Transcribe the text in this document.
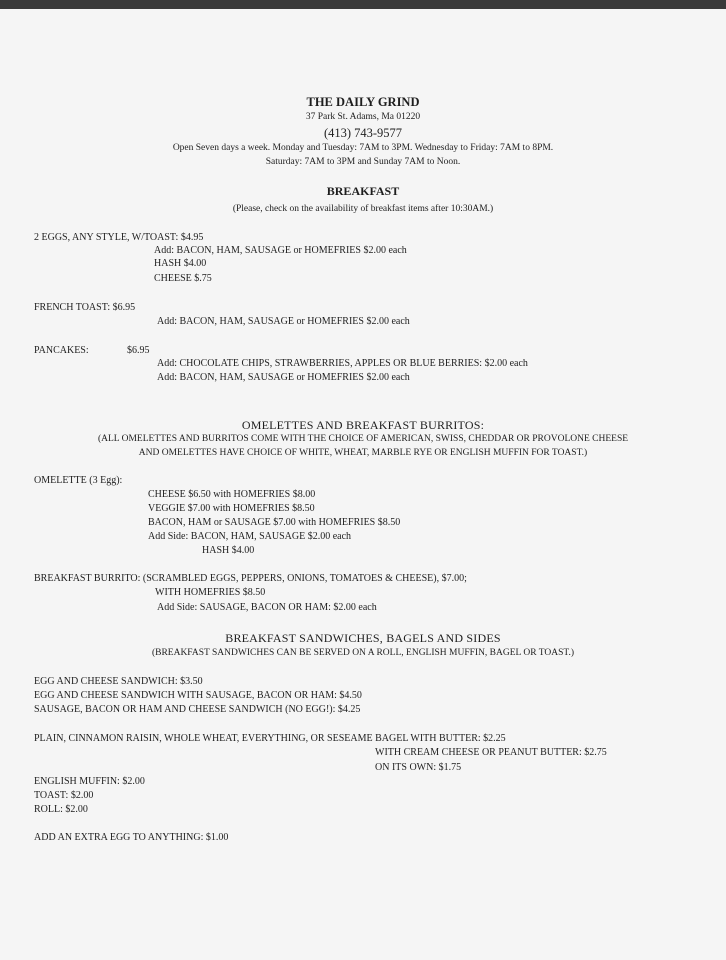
THE DAILY GRIND
37 Park St. Adams, Ma 01220
(413) 743-9577
Open Seven days a week. Monday and Tuesday: 7AM to 3PM. Wednesday to Friday: 7AM to 8PM.
Saturday: 7AM to 3PM and Sunday 7AM to Noon.
BREAKFAST
(Please, check on the availability of breakfast items after 10:30AM.)
2 EGGS, ANY STYLE, W/TOAST: $4.95
Add: BACON, HAM, SAUSAGE or HOMEFRIES $2.00 each
HASH $4.00
CHEESE $.75
FRENCH TOAST: $6.95
Add: BACON, HAM, SAUSAGE or HOMEFRIES $2.00 each
PANCAKES:	$6.95
Add: CHOCOLATE CHIPS, STRAWBERRIES, APPLES OR BLUE BERRIES: $2.00 each
Add: BACON, HAM, SAUSAGE or HOMEFRIES $2.00 each
OMELETTES AND BREAKFAST BURRITOS:
(ALL OMELETTES AND BURRITOS COME WITH THE CHOICE OF AMERICAN, SWISS, CHEDDAR OR PROVOLONE CHEESE
AND OMELETTES HAVE CHOICE OF WHITE, WHEAT, MARBLE RYE OR ENGLISH MUFFIN FOR TOAST.)
OMELETTE (3 Egg):
CHEESE $6.50 with HOMEFRIES $8.00
VEGGIE $7.00 with HOMEFRIES $8.50
BACON, HAM or SAUSAGE $7.00 with HOMEFRIES $8.50
Add Side: BACON, HAM, SAUSAGE $2.00 each
HASH $4.00
BREAKFAST BURRITO: (SCRAMBLED EGGS, PEPPERS, ONIONS, TOMATOES & CHEESE), $7.00;
WITH HOMEFRIES $8.50
Add Side: SAUSAGE, BACON OR HAM: $2.00 each
BREAKFAST SANDWICHES, BAGELS AND SIDES
(BREAKFAST SANDWICHES CAN BE SERVED ON A ROLL, ENGLISH MUFFIN, BAGEL OR TOAST.)
EGG AND CHEESE SANDWICH: $3.50
EGG AND CHEESE SANDWICH WITH SAUSAGE, BACON OR HAM: $4.50
SAUSAGE, BACON OR HAM AND CHEESE SANDWICH (NO EGG!): $4.25
PLAIN, CINNAMON RAISIN, WHOLE WHEAT, EVERYTHING, OR SESEAME BAGEL WITH BUTTER: $2.25
WITH CREAM CHEESE OR PEANUT BUTTER: $2.75
ON ITS OWN: $1.75
ENGLISH MUFFIN: $2.00
TOAST: $2.00
ROLL: $2.00
ADD AN EXTRA EGG TO ANYTHING: $1.00
